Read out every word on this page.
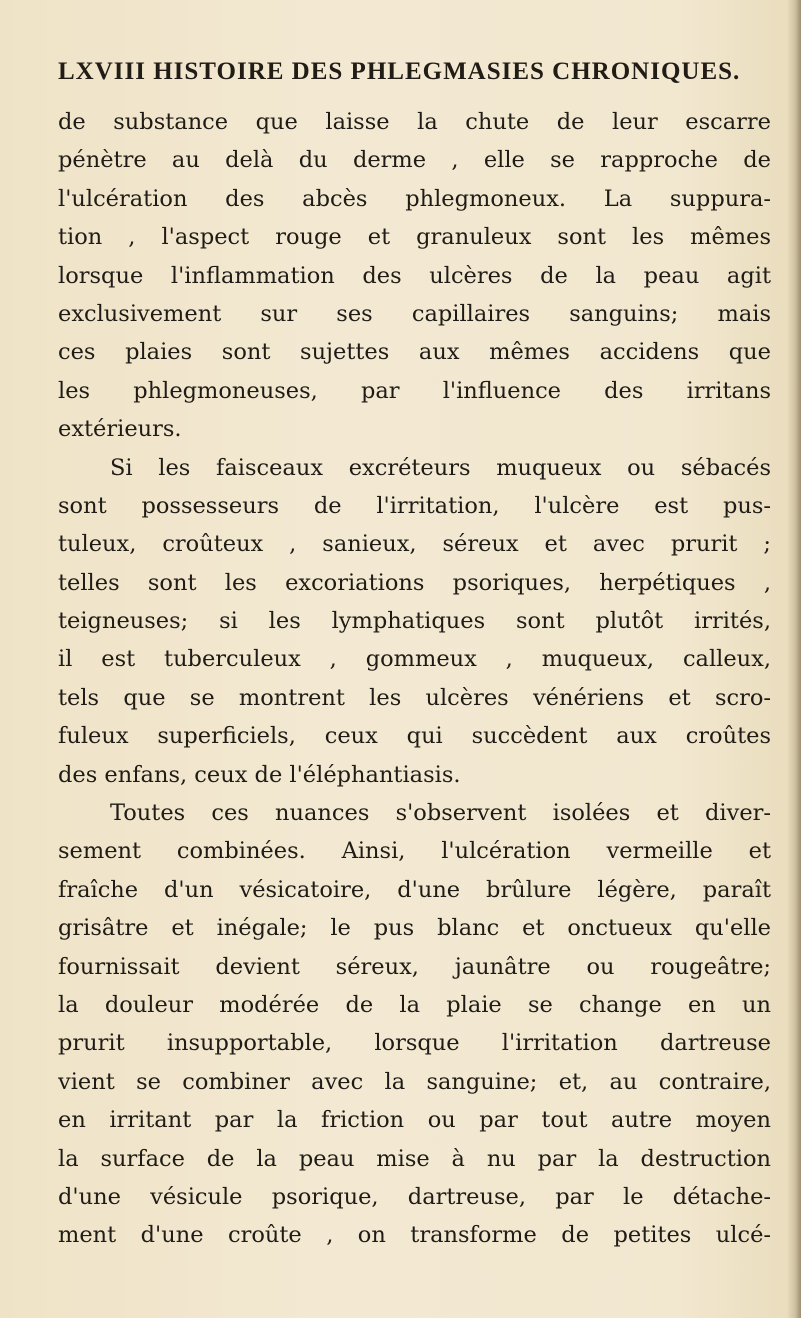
LXVIII HISTOIRE DES PHLEGMASIES CHRONIQUES.
de substance que laisse la chute de leur escarre
pénètre au delà du derme , elle se rapproche de
l'ulcération des abcès phlegmoneux. La suppura-
tion , l'aspect rouge et granuleux sont les mêmes
lorsque l'inflammation des ulcères de la peau agit
exclusivement sur ses capillaires sanguins; mais
ces plaies sont sujettes aux mêmes accidens que
les phlegmoneuses, par l'influence des irritans
extérieurs.
Si les faisceaux excréteurs muqueux ou sébacés
sont possesseurs de l'irritation, l'ulcère est pus-
tuleux, croûteux , sanieux, séreux et avec prurit ;
telles sont les excoriations psoriques, herpétiques ,
teigneuses; si les lymphatiques sont plutôt irrités,
il est tuberculeux , gommeux , muqueux, calleux,
tels que se montrent les ulcères vénériens et scro-
fuleux superficiels, ceux qui succèdent aux croûtes
des enfans, ceux de l'éléphantiasis.
Toutes ces nuances s'observent isolées et diver-
sement combinées. Ainsi, l'ulcération vermeille et
fraîche d'un vésicatoire, d'une brûlure légère, paraît
grisâtre et inégale; le pus blanc et onctueux qu'elle
fournissait devient séreux, jaunâtre ou rougeâtre;
la douleur modérée de la plaie se change en un
prurit insupportable, lorsque l'irritation dartreuse
vient se combiner avec la sanguine; et, au contraire,
en irritant par la friction ou par tout autre moyen
la surface de la peau mise à nu par la destruction
d'une vésicule psorique, dartreuse, par le détache-
ment d'une croûte , on transforme de petites ulcé-
